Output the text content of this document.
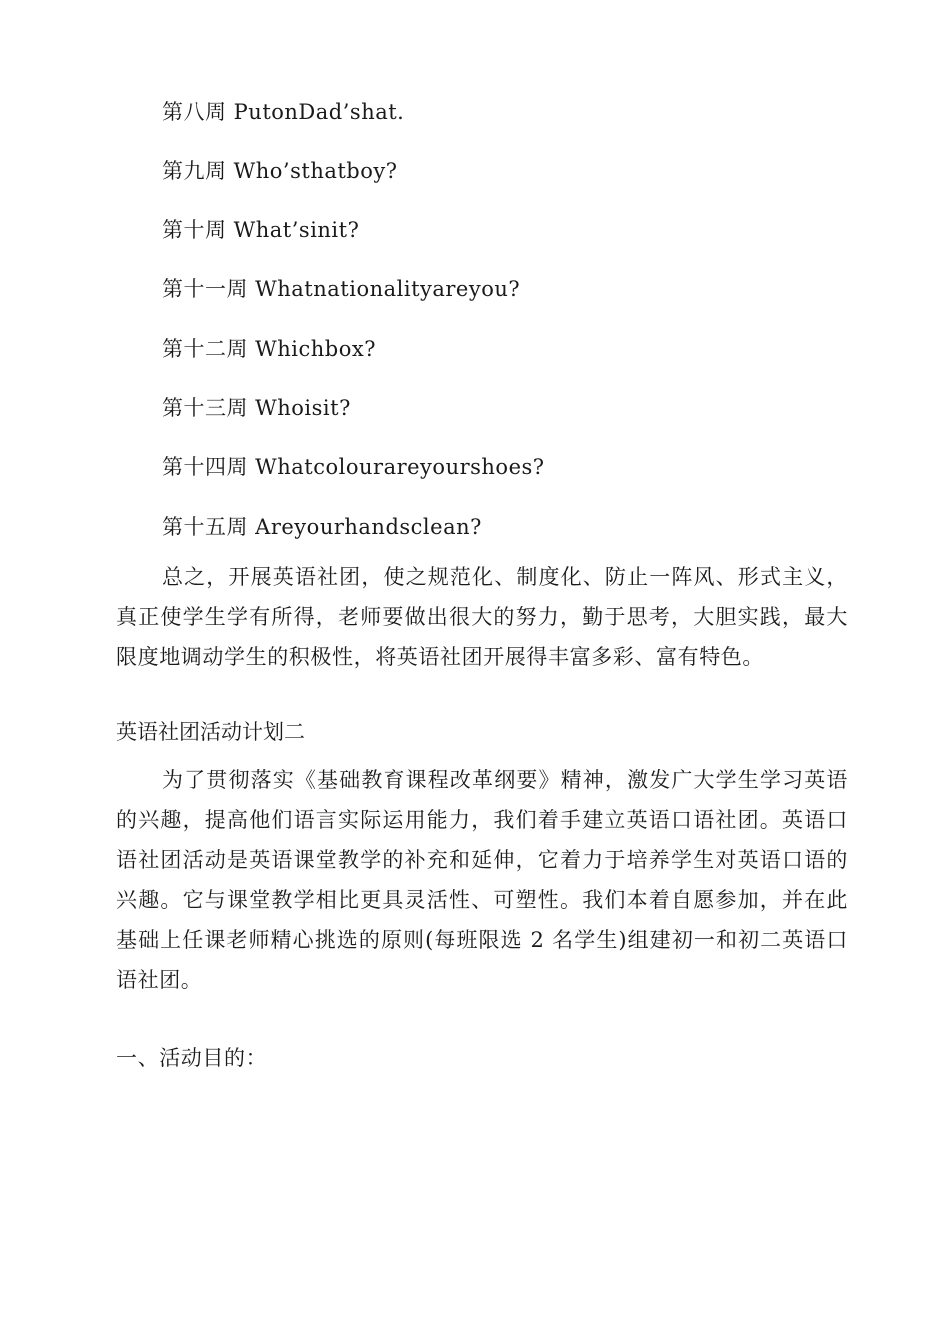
第八周 PutonDad’shat.
第九周 Who’sthatboy?
第十周 What’sinit?
第十一周 Whatnationalityareyou?
第十二周 Whichbox?
第十三周 Whoisit?
第十四周 Whatcolourareyourshoes?
第十五周 Areyourhandsclean?

总之，开展英语社团，使之规范化、制度化、防止一阵风、形式主义，真正使学生学有所得，老师要做出很大的努力，勤于思考，大胆实践，最大限度地调动学生的积极性，将英语社团开展得丰富多彩、富有特色。

英语社团活动计划二

为了贯彻落实《基础教育课程改革纲要》精神，激发广大学生学习英语的兴趣，提高他们语言实际运用能力，我们着手建立英语口语社团。英语口语社团活动是英语课堂教学的补充和延伸，它着力于培养学生对英语口语的兴趣。它与课堂教学相比更具灵活性、可塑性。我们本着自愿参加，并在此基础上任课老师精心挑选的原则(每班限选 2 名学生)组建初一和初二英语口语社团。

一、活动目的：
